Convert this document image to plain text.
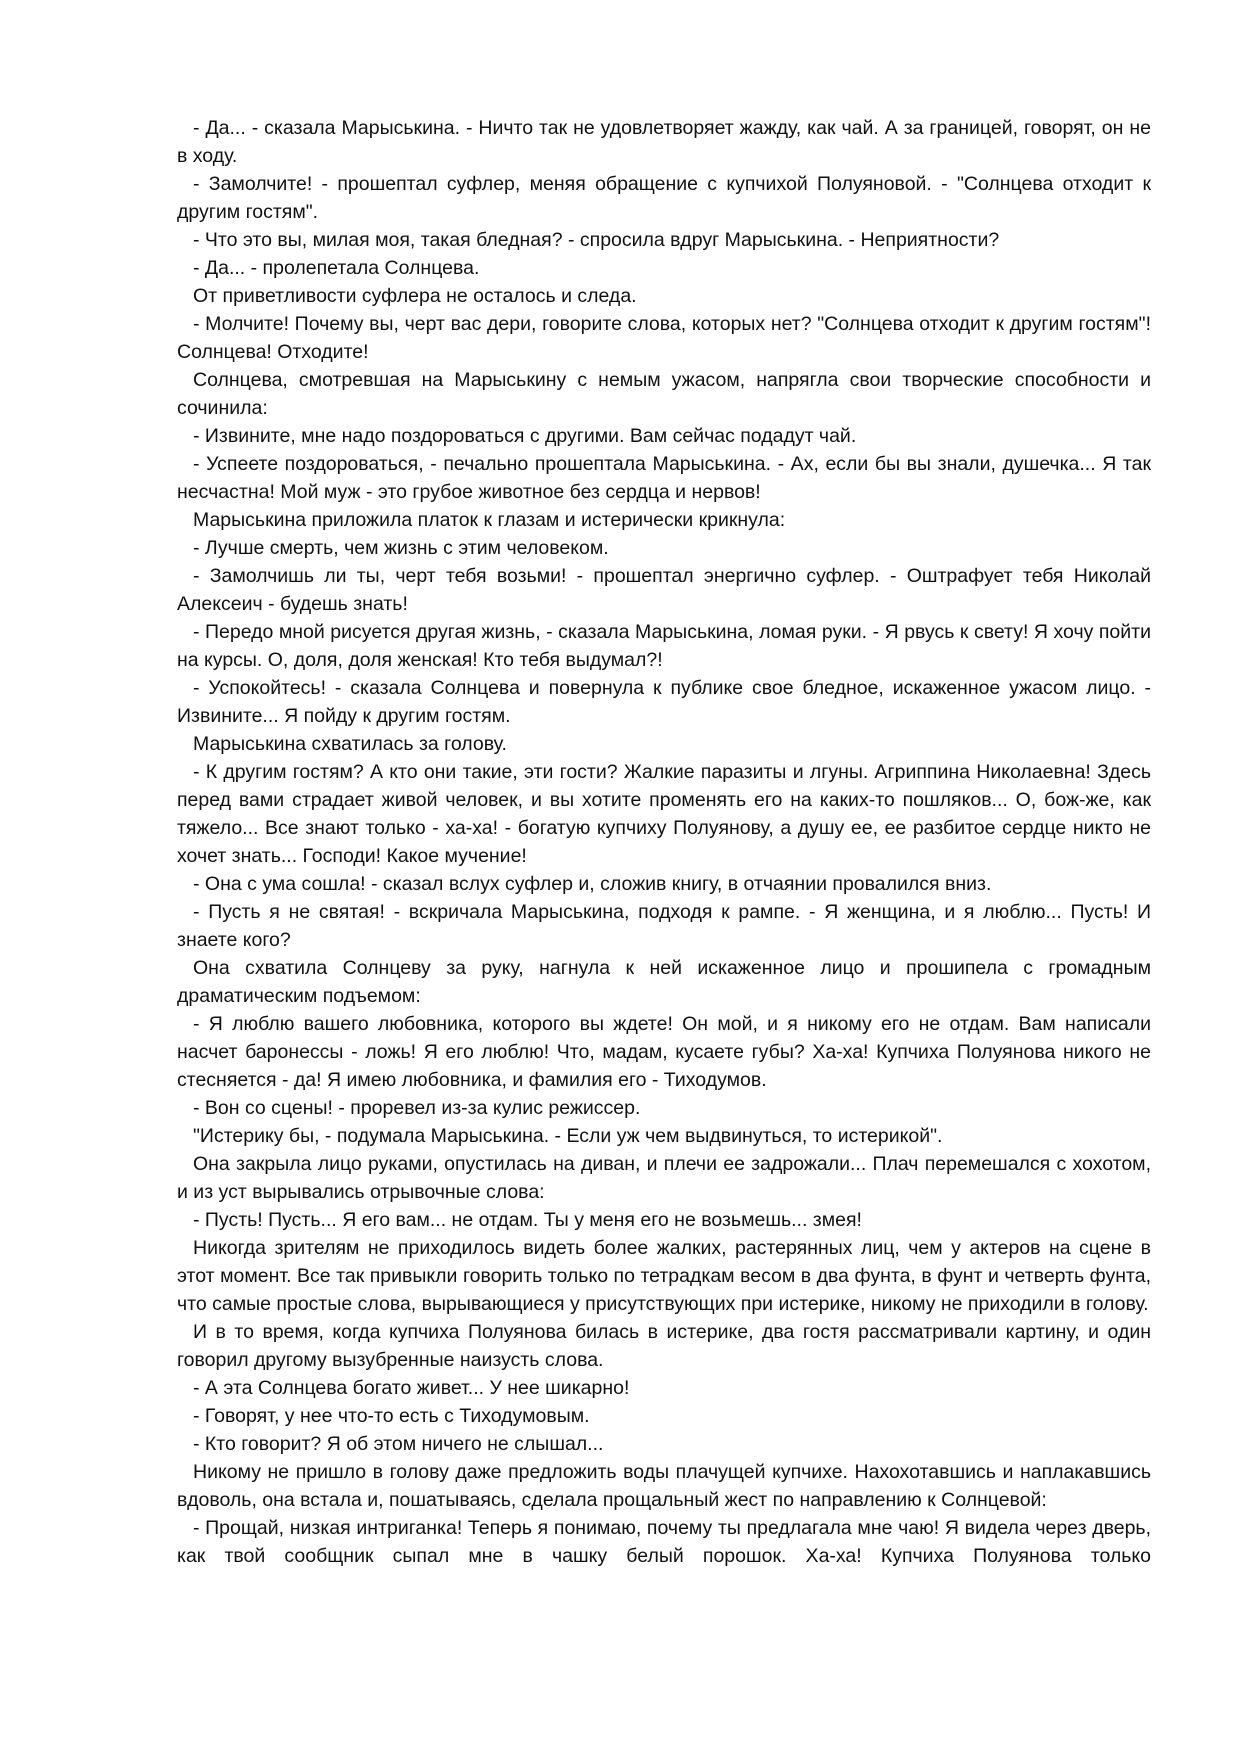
- Да... - сказала Марыськина. - Ничто так не удовлетворяет жажду, как чай. А за границей, говорят, он не в ходу.

- Замолчите! - прошептал суфлер, меняя обращение с купчихой Полуяновой. - "Солнцева отходит к другим гостям".

- Что это вы, милая моя, такая бледная? - спросила вдруг Марыськина. - Неприятности?

- Да... - пролепетала Солнцева.

От приветливости суфлера не осталось и следа.

- Молчите! Почему вы, черт вас дери, говорите слова, которых нет? "Солнцева отходит к другим гостям"! Солнцева! Отходите!

Солнцева, смотревшая на Марыськину с немым ужасом, напрягла свои творческие способности и сочинила:

- Извините, мне надо поздороваться с другими. Вам сейчас подадут чай.

- Успеете поздороваться, - печально прошептала Марыськина. - Ах, если бы вы знали, душечка... Я так несчастна! Мой муж - это грубое животное без сердца и нервов!

Марыськина приложила платок к глазам и истерически крикнула:

- Лучше смерть, чем жизнь с этим человеком.

- Замолчишь ли ты, черт тебя возьми! - прошептал энергично суфлер. - Оштрафует тебя Николай Алексеич - будешь знать!

- Передо мной рисуется другая жизнь, - сказала Марыськина, ломая руки. - Я рвусь к свету! Я хочу пойти на курсы. О, доля, доля женская! Кто тебя выдумал?!

- Успокойтесь! - сказала Солнцева и повернула к публике свое бледное, искаженное ужасом лицо. - Извините... Я пойду к другим гостям.

Марыськина схватилась за голову.

- К другим гостям? А кто они такие, эти гости? Жалкие паразиты и лгуны. Агриппина Николаевна! Здесь перед вами страдает живой человек, и вы хотите променять его на каких-то пошляков... О, бож-же, как тяжело... Все знают только - ха-ха! - богатую купчиху Полуянову, а душу ее, ее разбитое сердце никто не хочет знать... Господи! Какое мучение!

- Она с ума сошла! - сказал вслух суфлер и, сложив книгу, в отчаянии провалился вниз.

- Пусть я не святая! - вскричала Марыськина, подходя к рампе. - Я женщина, и я люблю... Пусть! И знаете кого?

Она схватила Солнцеву за руку, нагнула к ней искаженное лицо и прошипела с громадным драматическим подъемом:

- Я люблю вашего любовника, которого вы ждете! Он мой, и я никому его не отдам. Вам написали насчет баронессы - ложь! Я его люблю! Что, мадам, кусаете губы? Ха-ха! Купчиха Полуянова никого не стесняется - да! Я имею любовника, и фамилия его - Тиходумов.

- Вон со сцены! - проревел из-за кулис режиссер.

"Истерику бы, - подумала Марыськина. - Если уж чем выдвинуться, то истерикой".

Она закрыла лицо руками, опустилась на диван, и плечи ее задрожали... Плач перемешался с хохотом, и из уст вырывались отрывочные слова:

- Пусть! Пусть... Я его вам... не отдам. Ты у меня его не возьмешь... змея!

Никогда зрителям не приходилось видеть более жалких, растерянных лиц, чем у актеров на сцене в этот момент. Все так привыкли говорить только по тетрадкам весом в два фунта, в фунт и четверть фунта, что самые простые слова, вырывающиеся у присутствующих при истерике, никому не приходили в голову.

И в то время, когда купчиха Полуянова билась в истерике, два гостя рассматривали картину, и один говорил другому вызубренные наизусть слова.

- А эта Солнцева богато живет... У нее шикарно!

- Говорят, у нее что-то есть с Тиходумовым.

- Кто говорит? Я об этом ничего не слышал...

Никому не пришло в голову даже предложить воды плачущей купчихе. Нахохотавшись и наплакавшись вдоволь, она встала и, пошатываясь, сделала прощальный жест по направлению к Солнцевой:

- Прощай, низкая интриганка! Теперь я понимаю, почему ты предлагала мне чаю! Я видела через дверь, как твой сообщник сыпал мне в чашку белый порошок. Ха-ха! Купчиха Полуянова только
